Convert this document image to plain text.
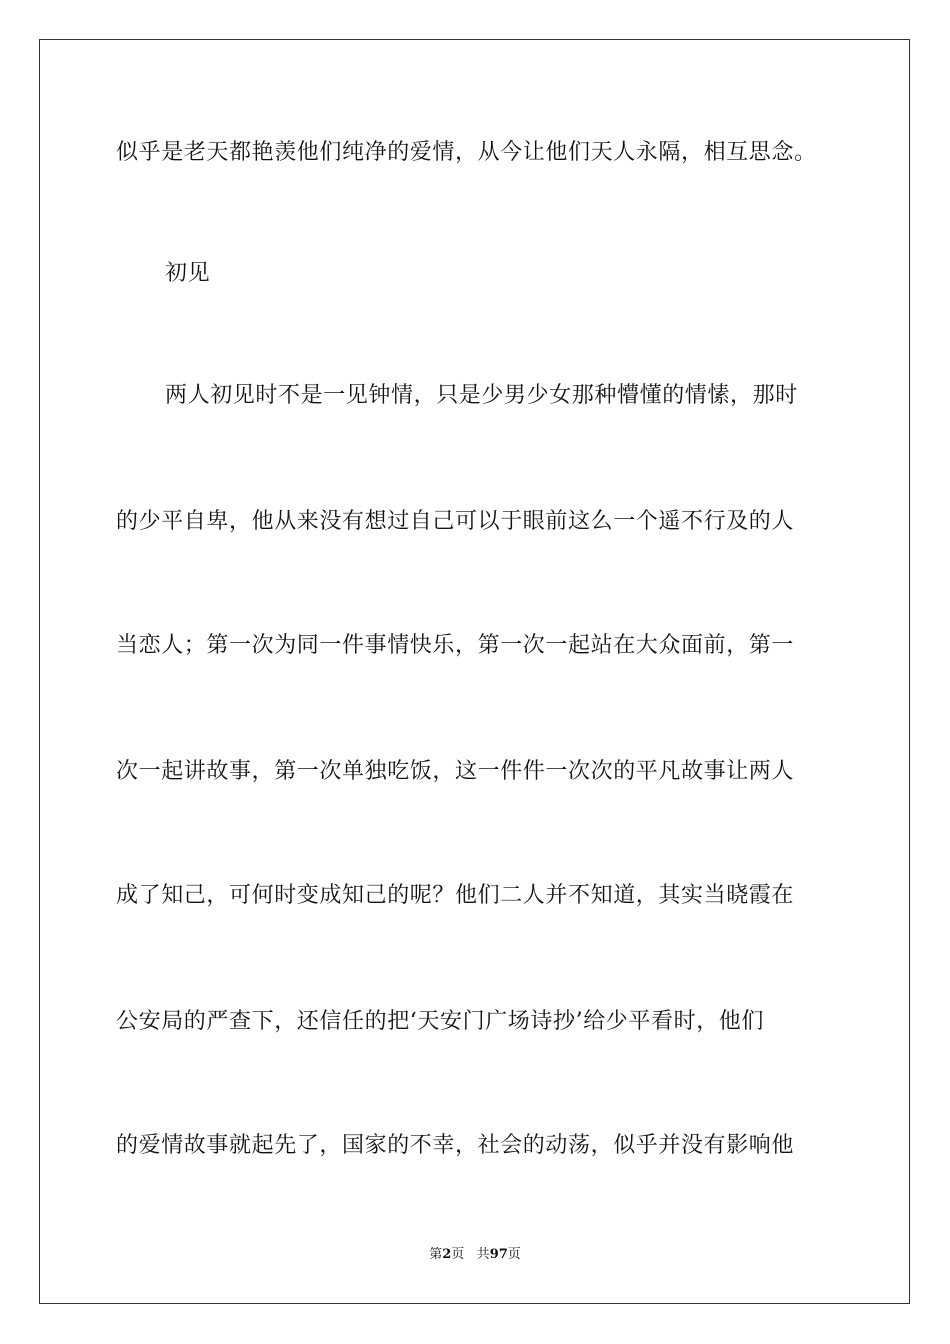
似乎是老天都艳羡他们纯净的爱情，从今让他们天人永隔，相互思念。
初见
两人初见时不是一见钟情，只是少男少女那种懵懂的情愫，那时
的少平自卑，他从来没有想过自己可以于眼前这么一个遥不行及的人
当恋人；第一次为同一件事情快乐，第一次一起站在大众面前，第一
次一起讲故事，第一次单独吃饭，这一件件一次次的平凡故事让两人
成了知己，可何时变成知己的呢？他们二人并不知道，其实当晓霞在
公安局的严查下，还信任的把‘天安门广场诗抄’给少平看时，他们
的爱情故事就起先了，国家的不幸，社会的动荡，似乎并没有影响他
第2页 共97页
